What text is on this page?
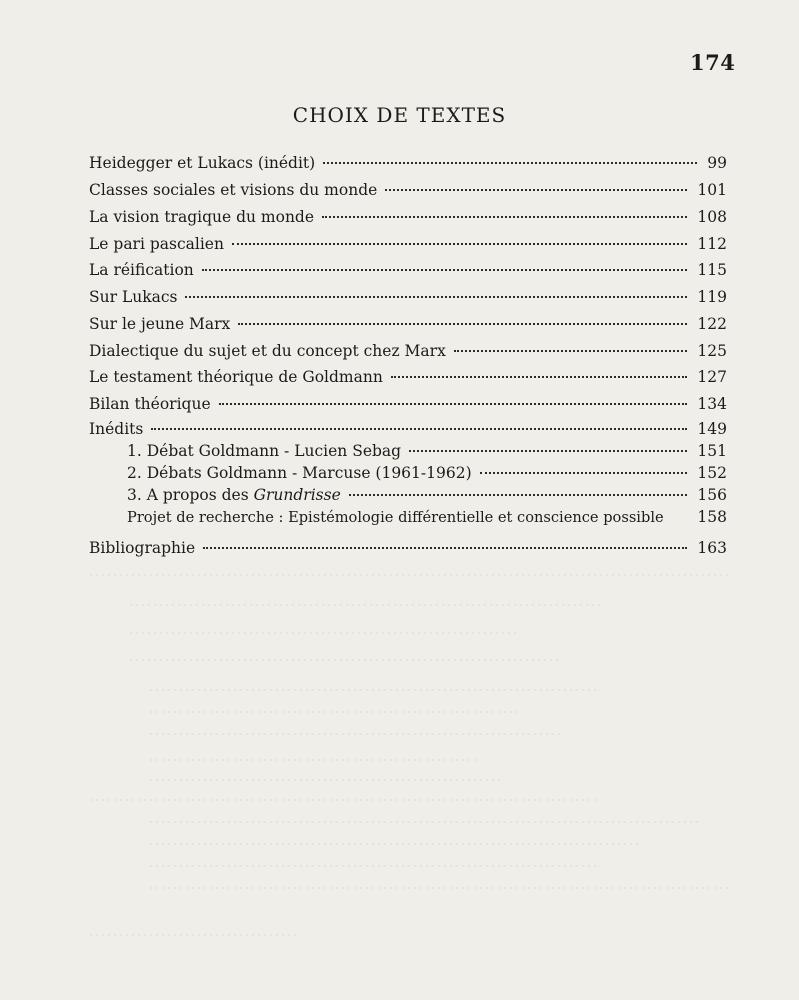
174
CHOIX DE TEXTES
Heidegger et Lukacs (inédit)	99
Classes sociales et visions du monde	101
La vision tragique du monde	108
Le pari pascalien	112
La réification	115
Sur Lukacs	119
Sur le jeune Marx	122
Dialectique du sujet et du concept chez Marx	125
Le testament théorique de Goldmann	127
Bilan théorique	134
Inédits	149
1. Débat Goldmann - Lucien Sebag	151
2. Débats Goldmann - Marcuse (1961-1962)	152
3. A propos des Grundrisse	156
Projet de recherche : Epistémologie différentielle et conscience possible 158
Bibliographie	163
